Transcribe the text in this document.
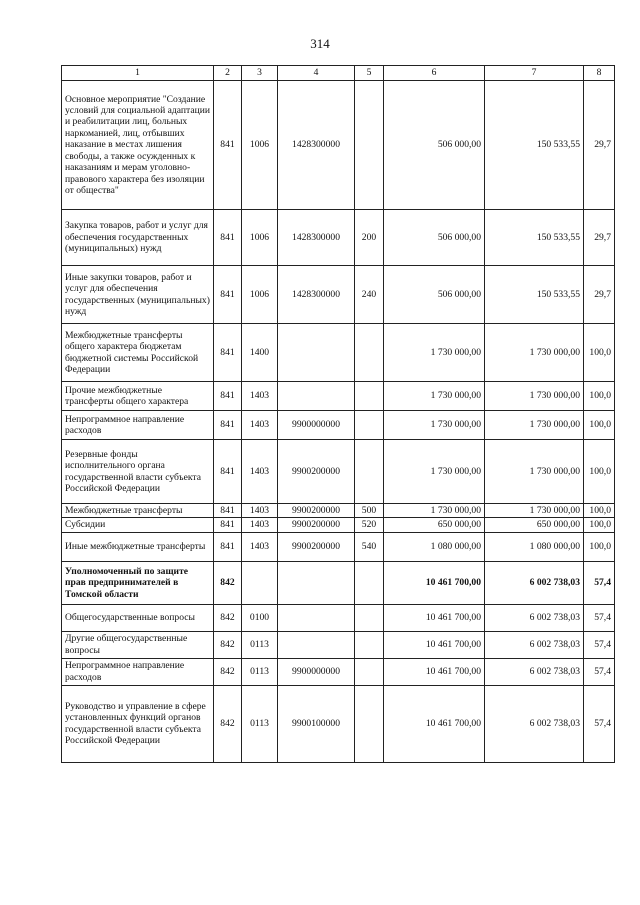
314
1	2	3	4	5	6	7	8
Основное мероприятие "Создание условий для социальной адаптации и реабилитации лиц, больных наркоманией, лиц, отбывших наказание в местах лишения свободы, а также осужденных к наказаниям и мерам уголовно-правового характера без изоляции от общества"	841	1006	1428300000		506 000,00	150 533,55	29,7
Закупка товаров, работ и услуг для обеспечения государственных (муниципальных) нужд	841	1006	1428300000	200	506 000,00	150 533,55	29,7
Иные закупки товаров, работ и услуг для обеспечения государственных (муниципальных) нужд	841	1006	1428300000	240	506 000,00	150 533,55	29,7
Межбюджетные трансферты общего характера бюджетам бюджетной системы Российской Федерации	841	1400			1 730 000,00	1 730 000,00	100,0
Прочие межбюджетные трансферты общего характера	841	1403			1 730 000,00	1 730 000,00	100,0
Непрограммное направление расходов	841	1403	9900000000		1 730 000,00	1 730 000,00	100,0
Резервные фонды исполнительного органа государственной власти субъекта Российской Федерации	841	1403	9900200000		1 730 000,00	1 730 000,00	100,0
Межбюджетные трансферты	841	1403	9900200000	500	1 730 000,00	1 730 000,00	100,0
Субсидии	841	1403	9900200000	520	650 000,00	650 000,00	100,0
Иные межбюджетные трансферты	841	1403	9900200000	540	1 080 000,00	1 080 000,00	100,0
Уполномоченный по защите прав предпринимателей в Томской области	842				10 461 700,00	6 002 738,03	57,4
Общегосударственные вопросы	842	0100			10 461 700,00	6 002 738,03	57,4
Другие общегосударственные вопросы	842	0113			10 461 700,00	6 002 738,03	57,4
Непрограммное направление расходов	842	0113	9900000000		10 461 700,00	6 002 738,03	57,4
Руководство и управление в сфере установленных функций органов государственной власти субъекта Российской Федерации	842	0113	9900100000		10 461 700,00	6 002 738,03	57,4
